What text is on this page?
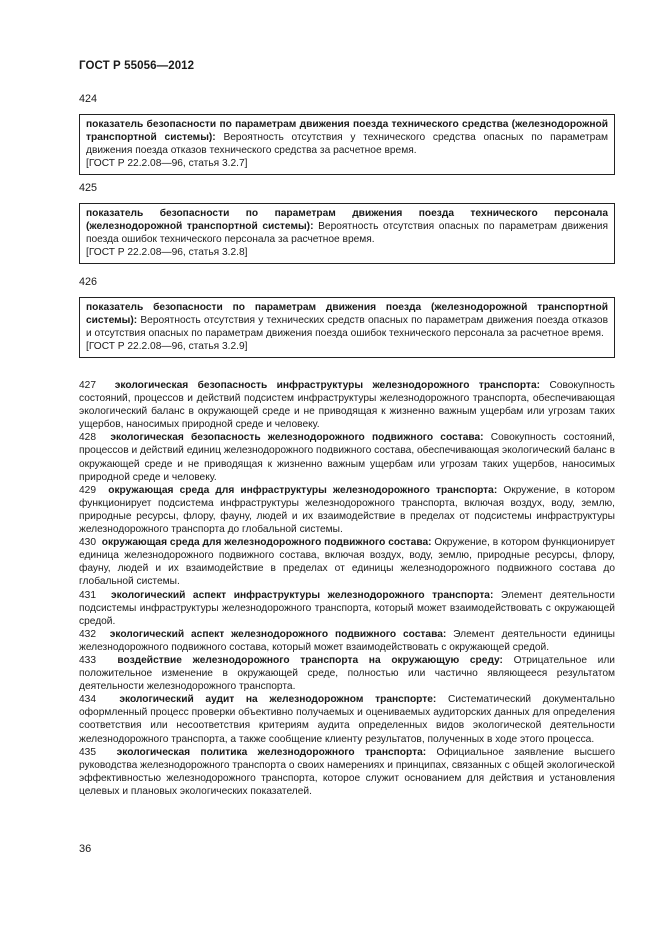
ГОСТ Р 55056—2012
424
показатель безопасности по параметрам движения поезда технического средства (железнодорожной транспортной системы): Вероятность отсутствия у технического средства опасных по параметрам движения поезда отказов технического средства за расчетное время.
[ГОСТ Р 22.2.08—96, статья 3.2.7]
425
показатель безопасности по параметрам движения поезда технического персонала (железнодорожной транспортной системы): Вероятность отсутствия опасных по параметрам движения поезда ошибок технического персонала за расчетное время.
[ГОСТ Р 22.2.08—96, статья 3.2.8]
426
показатель безопасности по параметрам движения поезда (железнодорожной транспортной системы): Вероятность отсутствия у технических средств опасных по параметрам движения поезда отказов и отсутствия опасных по параметрам движения поезда ошибок технического персонала за расчетное время.
[ГОСТ Р 22.2.08—96, статья 3.2.9]

427 экологическая безопасность инфраструктуры железнодорожного транспорта: Совокупность состояний, процессов и действий подсистем инфраструктуры железнодорожного транспорта, обеспечивающая экологический баланс в окружающей среде и не приводящая к жизненно важным ущербам или угрозам таких ущербов, наносимых природной среде и человеку.

428 экологическая безопасность железнодорожного подвижного состава: Совокупность состояний, процессов и действий единиц железнодорожного подвижного состава, обеспечивающая экологический баланс в окружающей среде и не приводящая к жизненно важным ущербам или угрозам таких ущербов, наносимых природной среде и человеку.

429 окружающая среда для инфраструктуры железнодорожного транспорта: Окружение, в котором функционирует подсистема инфраструктуры железнодорожного транспорта, включая воздух, воду, землю, природные ресурсы, флору, фауну, людей и их взаимодействие в пределах от подсистемы инфраструктуры железнодорожного транспорта до глобальной системы.

430 окружающая среда для железнодорожного подвижного состава: Окружение, в котором функционирует единица железнодорожного подвижного состава, включая воздух, воду, землю, природные ресурсы, флору, фауну, людей и их взаимодействие в пределах от единицы железнодорожного подвижного состава до глобальной системы.

431 экологический аспект инфраструктуры железнодорожного транспорта: Элемент деятельности подсистемы инфраструктуры железнодорожного транспорта, который может взаимодействовать с окружающей средой.

432 экологический аспект железнодорожного подвижного состава: Элемент деятельности единицы железнодорожного подвижного состава, который может взаимодействовать с окружающей средой.

433 воздействие железнодорожного транспорта на окружающую среду: Отрицательное или положительное изменение в окружающей среде, полностью или частично являющееся результатом деятельности железнодорожного транспорта.

434 экологический аудит на железнодорожном транспорте: Систематический документально оформленный процесс проверки объективно получаемых и оцениваемых аудиторских данных для определения соответствия или несоответствия критериям аудита определенных видов экологической деятельности железнодорожного транспорта, а также сообщение клиенту результатов, полученных в ходе этого процесса.

435 экологическая политика железнодорожного транспорта: Официальное заявление высшего руководства железнодорожного транспорта о своих намерениях и принципах, связанных с общей экологической эффективностью железнодорожного транспорта, которое служит основанием для действия и установления целевых и плановых экологических показателей.

36
